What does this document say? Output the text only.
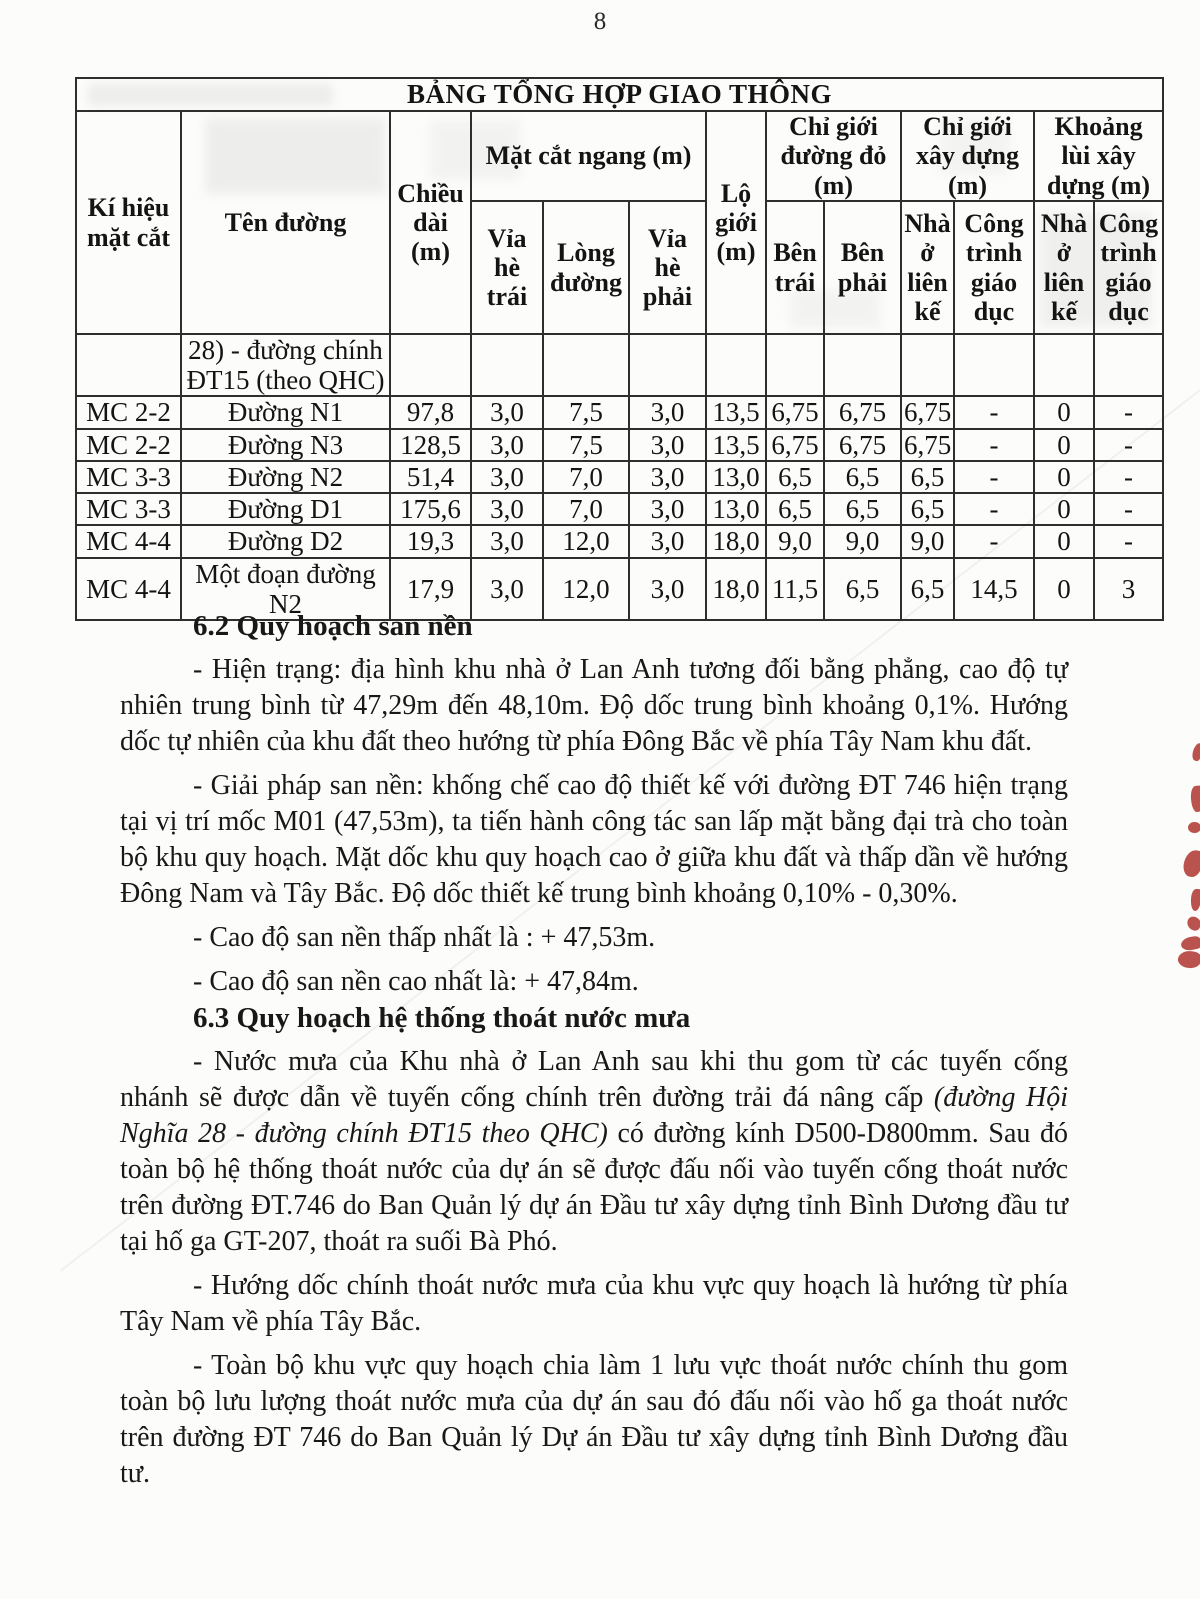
8
BẢNG TỔNG HỢP GIAO THÔNG												
Kí hiệu mặt cắt	Tên đường	Chiều dài (m)	Mặt cắt ngang (m)			Lộ giới (m)	Chỉ giới đường đỏ (m)		Chỉ giới xây dựng (m)		Khoảng lùi xây dựng (m)	
			Vỉa hè trái	Lòng đường	Vỉa hè phải		Bên trái	Bên phải	Nhà ở liên kế	Công trình giáo dục	Nhà ở liên kế	Công trình giáo dục
	28) - đường chính ĐT15 (theo QHC)											
MC 2-2	Đường N1	97,8	3,0	7,5	3,0	13,5	6,75	6,75	6,75	-	0	-
MC 2-2	Đường N3	128,5	3,0	7,5	3,0	13,5	6,75	6,75	6,75	-	0	-
MC 3-3	Đường N2	51,4	3,0	7,0	3,0	13,0	6,5	6,5	6,5	-	0	-
MC 3-3	Đường D1	175,6	3,0	7,0	3,0	13,0	6,5	6,5	6,5	-	0	-
MC 4-4	Đường D2	19,3	3,0	12,0	3,0	18,0	9,0	9,0	9,0	-	0	-
MC 4-4	Một đoạn đường N2	17,9	3,0	12,0	3,0	18,0	11,5	6,5	6,5	14,5	0	3
6.2 Quy hoạch san nền

- Hiện trạng: địa hình khu nhà ở Lan Anh tương đối bằng phẳng, cao độ tự nhiên trung bình từ 47,29m đến 48,10m. Độ dốc trung bình khoảng 0,1%. Hướng dốc tự nhiên của khu đất theo hướng từ phía Đông Bắc về phía Tây Nam khu đất.

- Giải pháp san nền: khống chế cao độ thiết kế với đường ĐT 746 hiện trạng tại vị trí mốc M01 (47,53m), ta tiến hành công tác san lấp mặt bằng đại trà cho toàn bộ khu quy hoạch. Mặt dốc khu quy hoạch cao ở giữa khu đất và thấp dần về hướng Đông Nam và Tây Bắc. Độ dốc thiết kế trung bình khoảng 0,10% - 0,30%.

- Cao độ san nền thấp nhất là : + 47,53m.

- Cao độ san nền cao nhất là: + 47,84m.

6.3 Quy hoạch hệ thống thoát nước mưa

- Nước mưa của Khu nhà ở Lan Anh sau khi thu gom từ các tuyến cống nhánh sẽ được dẫn về tuyến cống chính trên đường trải đá nâng cấp (đường Hội Nghĩa 28 - đường chính ĐT15 theo QHC) có đường kính D500-D800mm. Sau đó toàn bộ hệ thống thoát nước của dự án sẽ được đấu nối vào tuyến cống thoát nước trên đường ĐT.746 do Ban Quản lý dự án Đầu tư xây dựng tỉnh Bình Dương đầu tư tại hố ga GT-207, thoát ra suối Bà Phó.

- Hướng dốc chính thoát nước mưa của khu vực quy hoạch là hướng từ phía Tây Nam về phía Tây Bắc.

- Toàn bộ khu vực quy hoạch chia làm 1 lưu vực thoát nước chính thu gom toàn bộ lưu lượng thoát nước mưa của dự án sau đó đấu nối vào hố ga thoát nước trên đường ĐT 746 do Ban Quản lý Dự án Đầu tư xây dựng tỉnh Bình Dương đầu tư.
